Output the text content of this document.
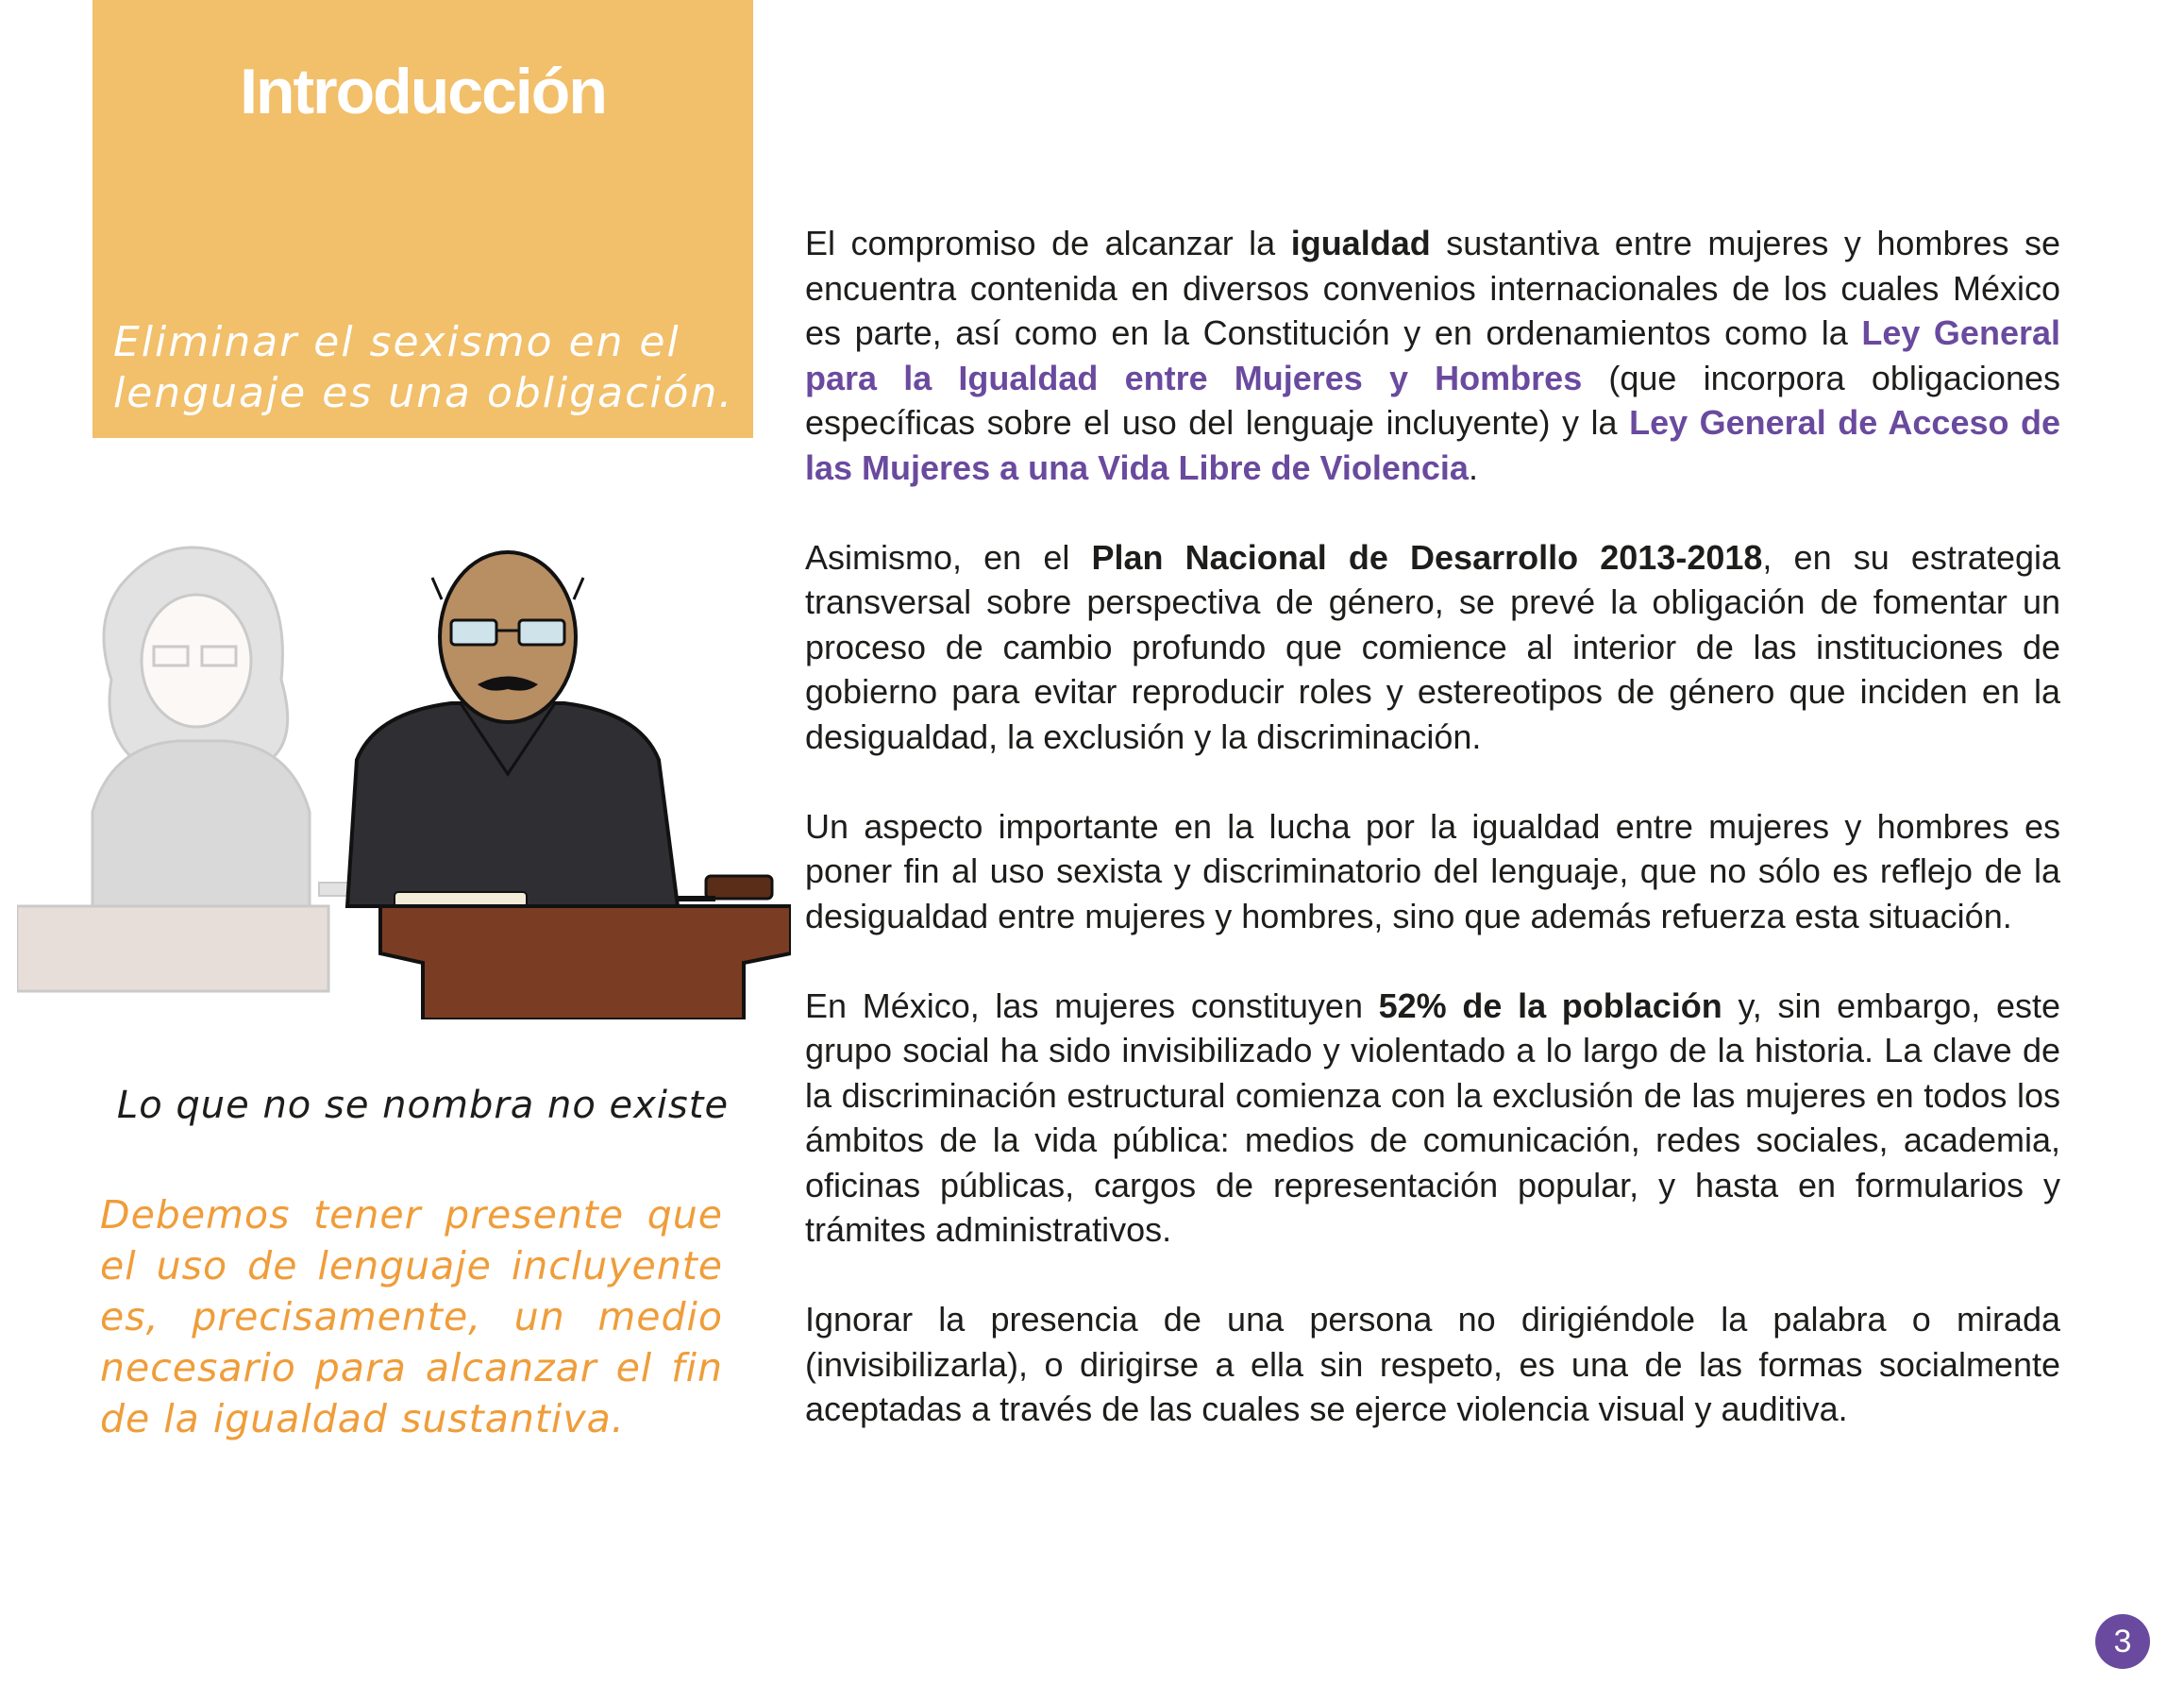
Introducción
Eliminar el sexismo en el lenguaje es una obligación.
Lo que no se nombra no existe
Debemos tener presente que el uso de lenguaje incluyente es, precisamente, un medio necesario para alcanzar el fin de la igualdad sustantiva.

El compromiso de alcanzar la igualdad sustantiva entre mujeres y hombres se encuentra contenida en diversos convenios internacionales de los cuales México es parte, así como en la Constitución y en ordenamientos como la Ley General para la Igualdad entre Mujeres y Hombres (que incorpora obligaciones específicas sobre el uso del lenguaje incluyente) y la Ley General de Acceso de las Mujeres a una Vida Libre de Violencia.

Asimismo, en el Plan Nacional de Desarrollo 2013-2018, en su estrategia transversal sobre perspectiva de género, se prevé la obligación de fomentar un proceso de cambio profundo que comience al interior de las instituciones de gobierno para evitar reproducir roles y estereotipos de género que inciden en la desigualdad, la exclusión y la discriminación.

Un aspecto importante en la lucha por la igualdad entre mujeres y hombres es poner fin al uso sexista y discriminatorio del lenguaje, que no sólo es reflejo de la desigualdad entre mujeres y hombres, sino que además refuerza esta situación.

En México, las mujeres constituyen 52% de la población y, sin embargo, este grupo social ha sido invisibilizado y violentado a lo largo de la historia. La clave de la discriminación estructural comienza con la exclusión de las mujeres en todos los ámbitos de la vida pública: medios de comunicación, redes sociales, academia, oficinas públicas, cargos de representación popular, y hasta en formularios y trámites administrativos.

Ignorar la presencia de una persona no dirigiéndole la palabra o mirada (invisibilizarla), o dirigirse a ella sin respeto, es una de las formas socialmente aceptadas a través de las cuales se ejerce violencia visual y auditiva.

3
